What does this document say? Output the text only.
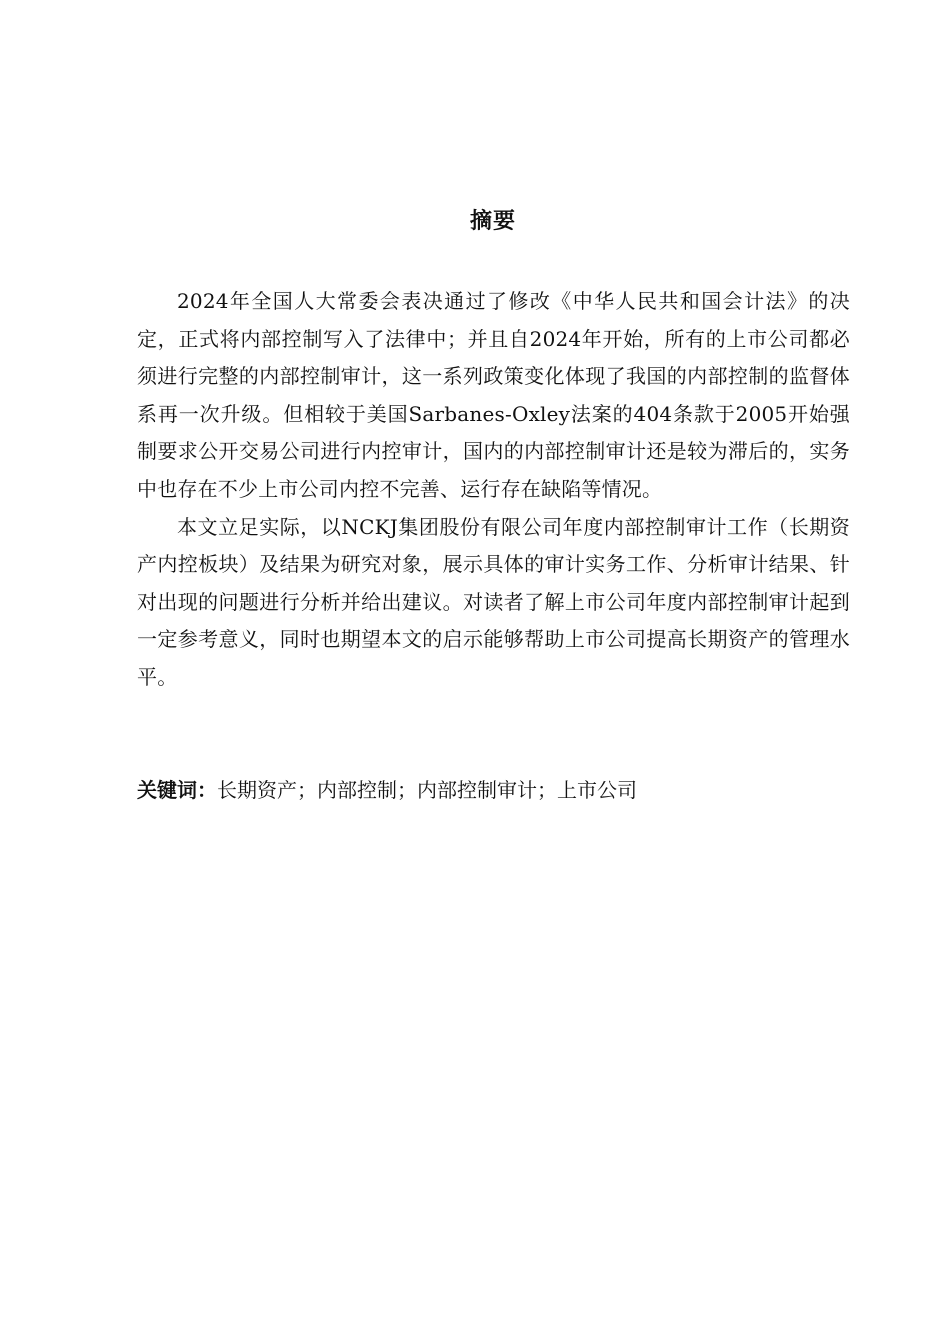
摘要

2024年全国人大常委会表决通过了修改《中华人民共和国会计法》的决定，正式将内部控制写入了法律中；并且自2024年开始，所有的上市公司都必须进行完整的内部控制审计，这一系列政策变化体现了我国的内部控制的监督体系再一次升级。但相较于美国Sarbanes-Oxley法案的404条款于2005开始强制要求公开交易公司进行内控审计，国内的内部控制审计还是较为滞后的，实务中也存在不少上市公司内控不完善、运行存在缺陷等情况。

本文立足实际，以NCKJ集团股份有限公司年度内部控制审计工作（长期资产内控板块）及结果为研究对象，展示具体的审计实务工作、分析审计结果、针对出现的问题进行分析并给出建议。对读者了解上市公司年度内部控制审计起到一定参考意义，同时也期望本文的启示能够帮助上市公司提高长期资产的管理水平。

关键词：长期资产；内部控制；内部控制审计；上市公司
